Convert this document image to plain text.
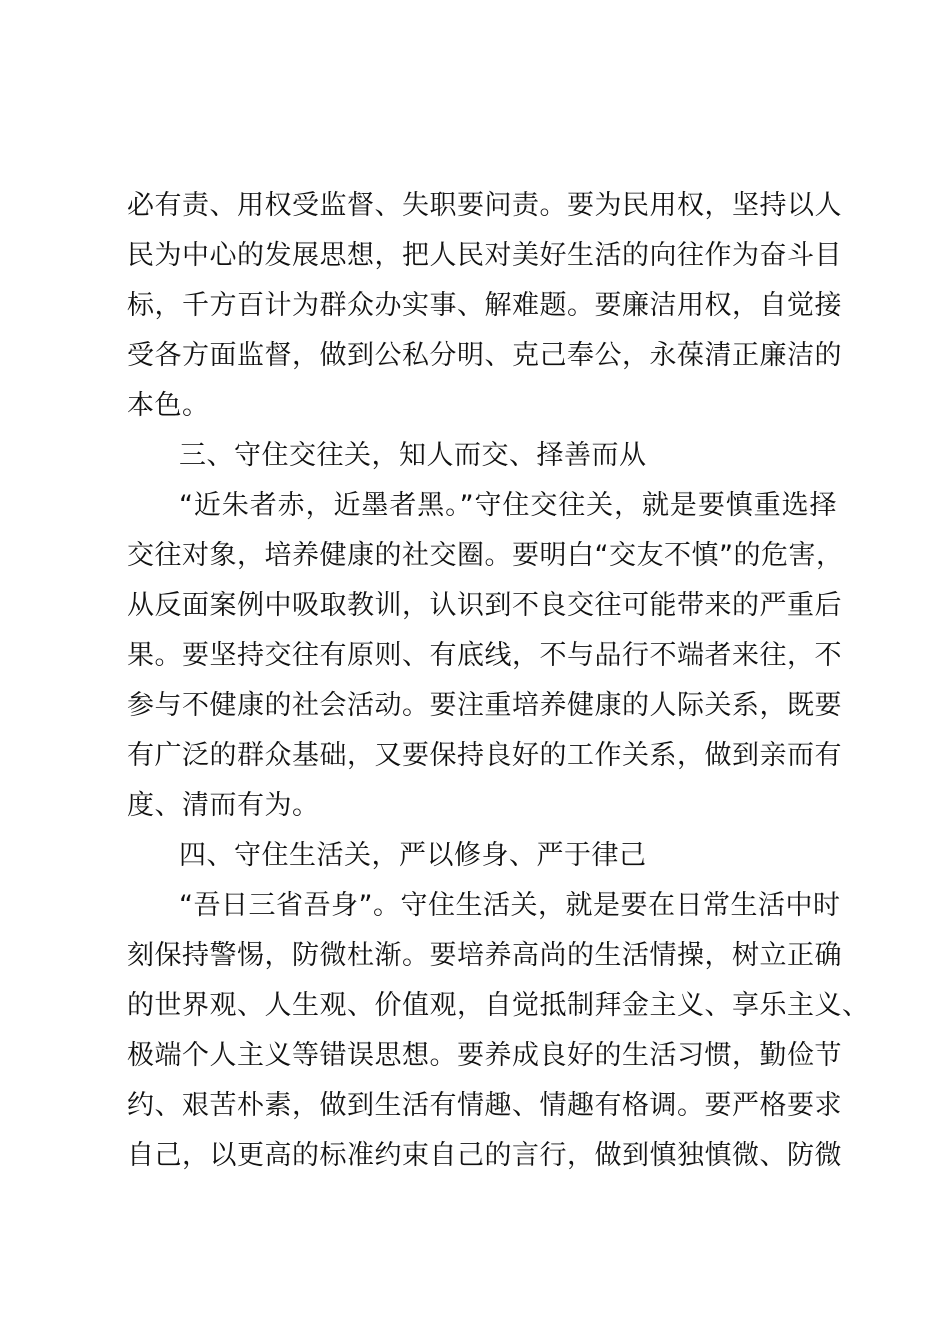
必有责、用权受监督、失职要问责。要为民用权，坚持以人
民为中心的发展思想，把人民对美好生活的向往作为奋斗目
标，千方百计为群众办实事、解难题。要廉洁用权，自觉接
受各方面监督，做到公私分明、克己奉公，永葆清正廉洁的
本色。
三、守住交往关，知人而交、择善而从
“近朱者赤，近墨者黑。”守住交往关，就是要慎重选择
交往对象，培养健康的社交圈。要明白“交友不慎”的危害，
从反面案例中吸取教训，认识到不良交往可能带来的严重后
果。要坚持交往有原则、有底线，不与品行不端者来往，不
参与不健康的社会活动。要注重培养健康的人际关系，既要
有广泛的群众基础，又要保持良好的工作关系，做到亲而有
度、清而有为。
四、守住生活关，严以修身、严于律己
“吾日三省吾身”。守住生活关，就是要在日常生活中时
刻保持警惕，防微杜渐。要培养高尚的生活情操，树立正确
的世界观、人生观、价值观，自觉抵制拜金主义、享乐主义、
极端个人主义等错误思想。要养成良好的生活习惯，勤俭节
约、艰苦朴素，做到生活有情趣、情趣有格调。要严格要求
自己，以更高的标准约束自己的言行，做到慎独慎微、防微
